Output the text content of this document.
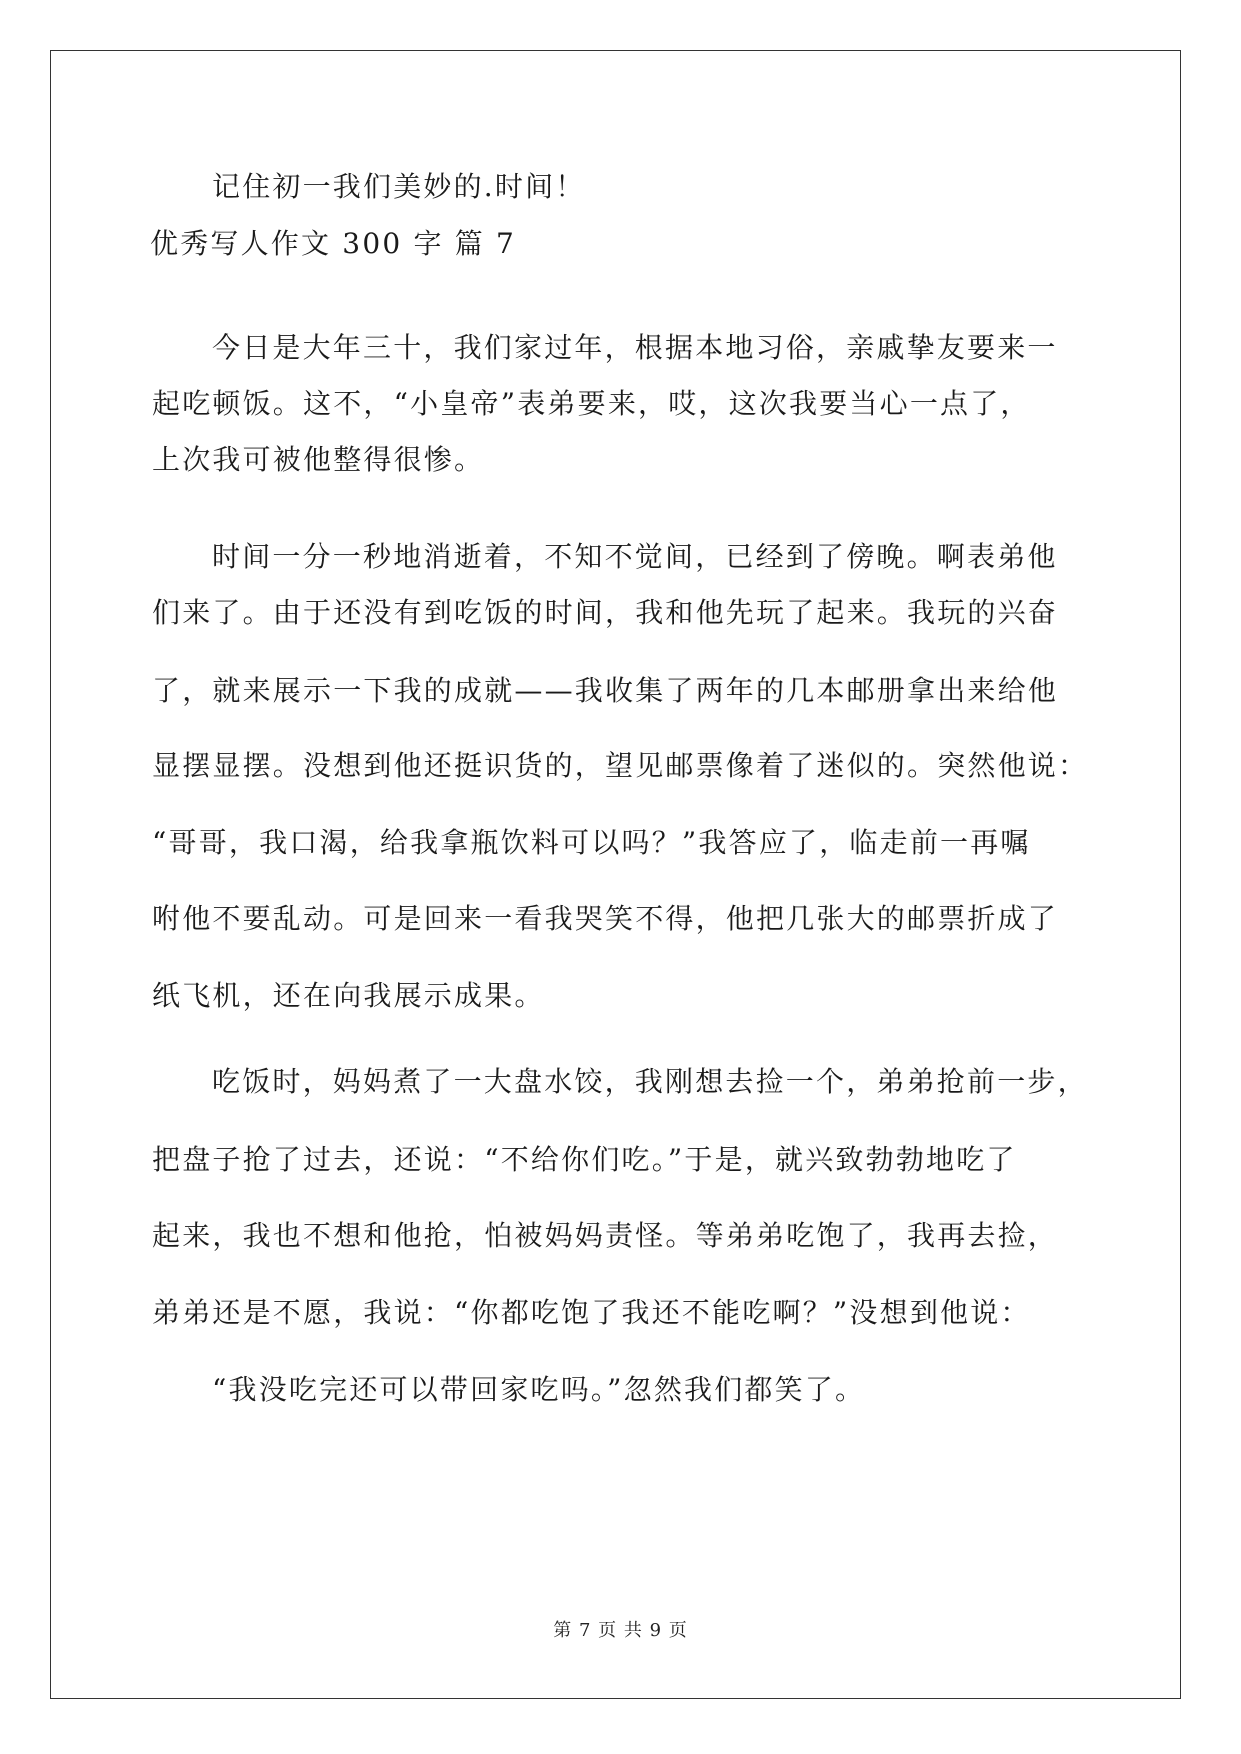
记住初一我们美妙的.时间！
优秀写人作文 300 字 篇 7
今日是大年三十，我们家过年，根据本地习俗，亲戚挚友要来一
起吃顿饭。这不，“小皇帝”表弟要来，哎，这次我要当心一点了，
上次我可被他整得很惨。
时间一分一秒地消逝着，不知不觉间，已经到了傍晚。啊表弟他
们来了。由于还没有到吃饭的时间，我和他先玩了起来。我玩的兴奋
了，就来展示一下我的成就——我收集了两年的几本邮册拿出来给他
显摆显摆。没想到他还挺识货的，望见邮票像着了迷似的。突然他说：
“哥哥，我口渴，给我拿瓶饮料可以吗？”我答应了，临走前一再嘱
咐他不要乱动。可是回来一看我哭笑不得，他把几张大的邮票折成了
纸飞机，还在向我展示成果。
吃饭时，妈妈煮了一大盘水饺，我刚想去捡一个，弟弟抢前一步，
把盘子抢了过去，还说：“不给你们吃。”于是，就兴致勃勃地吃了
起来，我也不想和他抢，怕被妈妈责怪。等弟弟吃饱了，我再去捡，
弟弟还是不愿，我说：“你都吃饱了我还不能吃啊？”没想到他说：
“我没吃完还可以带回家吃吗。”忽然我们都笑了。
第 7 页 共 9 页
